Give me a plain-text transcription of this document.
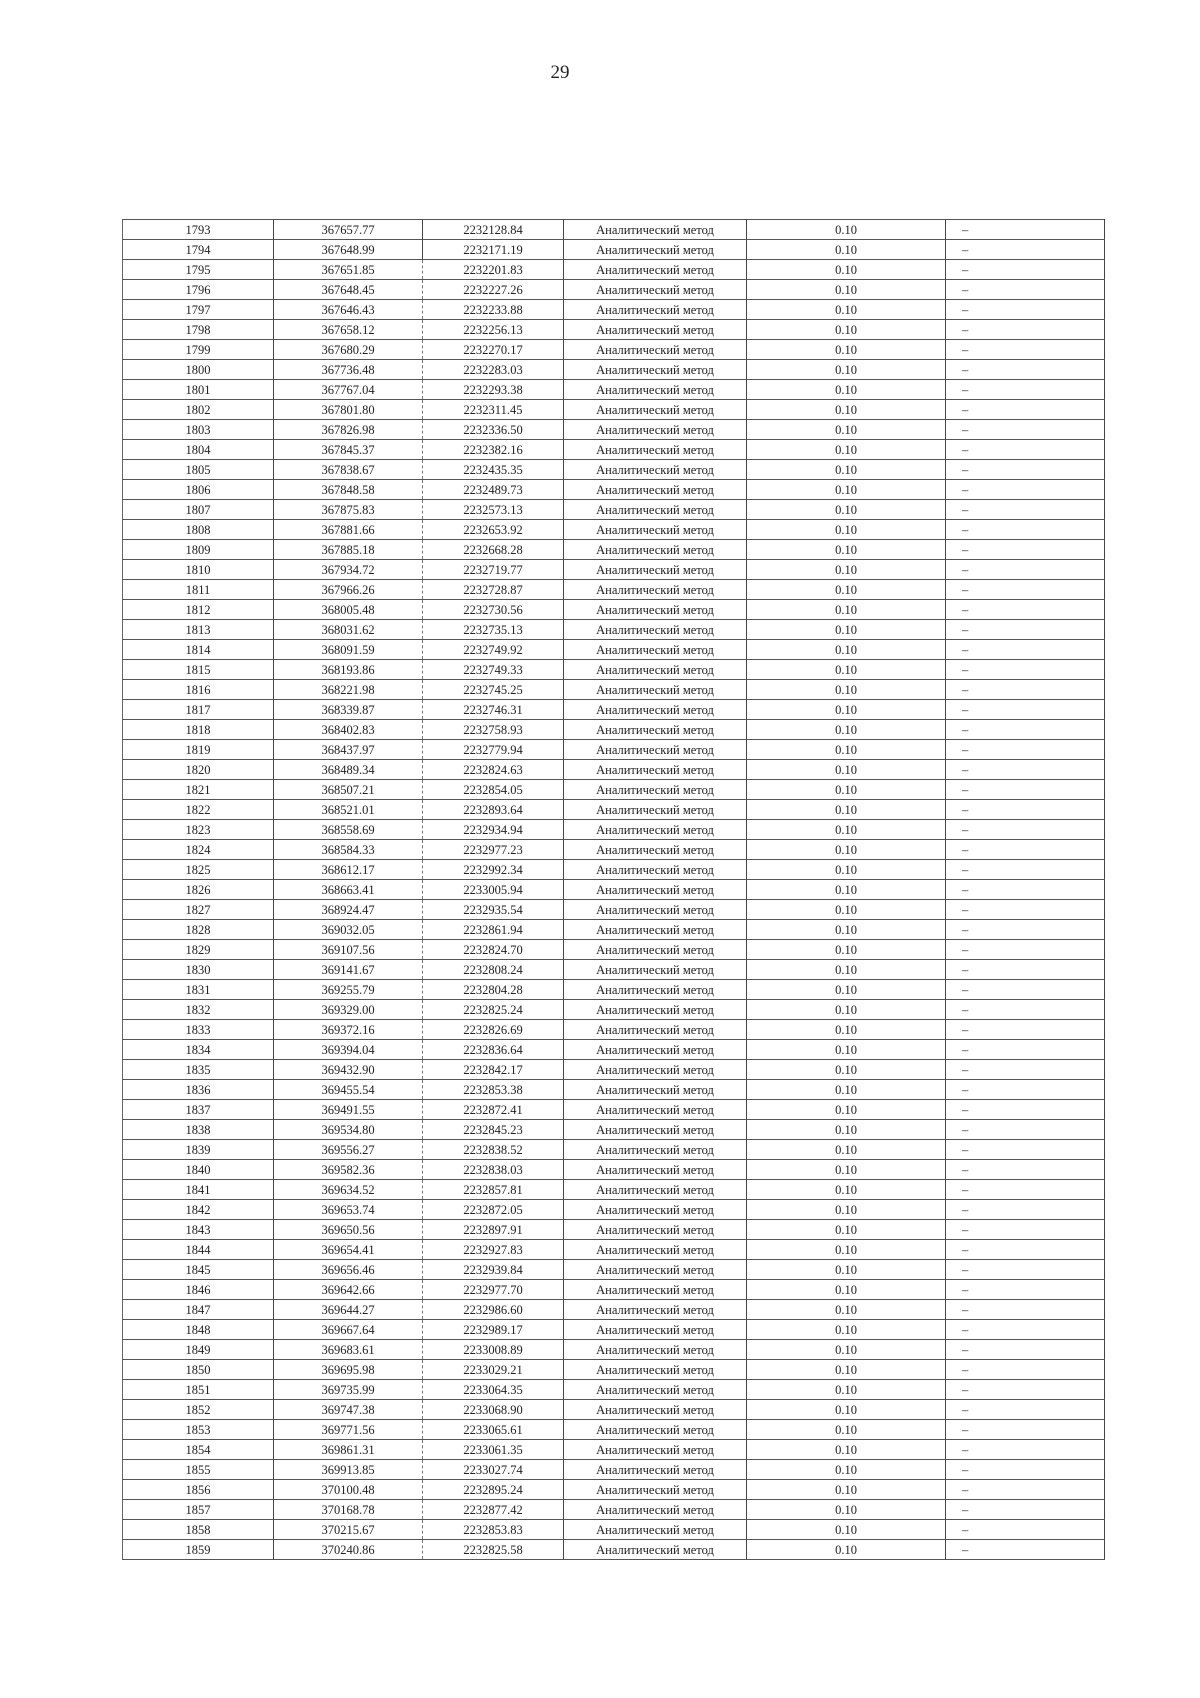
29
1793	367657.77	2232128.84	Аналитический метод	0.10	–
1794	367648.99	2232171.19	Аналитический метод	0.10	–
1795	367651.85	2232201.83	Аналитический метод	0.10	–
1796	367648.45	2232227.26	Аналитический метод	0.10	–
1797	367646.43	2232233.88	Аналитический метод	0.10	–
1798	367658.12	2232256.13	Аналитический метод	0.10	–
1799	367680.29	2232270.17	Аналитический метод	0.10	–
1800	367736.48	2232283.03	Аналитический метод	0.10	–
1801	367767.04	2232293.38	Аналитический метод	0.10	–
1802	367801.80	2232311.45	Аналитический метод	0.10	–
1803	367826.98	2232336.50	Аналитический метод	0.10	–
1804	367845.37	2232382.16	Аналитический метод	0.10	–
1805	367838.67	2232435.35	Аналитический метод	0.10	–
1806	367848.58	2232489.73	Аналитический метод	0.10	–
1807	367875.83	2232573.13	Аналитический метод	0.10	–
1808	367881.66	2232653.92	Аналитический метод	0.10	–
1809	367885.18	2232668.28	Аналитический метод	0.10	–
1810	367934.72	2232719.77	Аналитический метод	0.10	–
1811	367966.26	2232728.87	Аналитический метод	0.10	–
1812	368005.48	2232730.56	Аналитический метод	0.10	–
1813	368031.62	2232735.13	Аналитический метод	0.10	–
1814	368091.59	2232749.92	Аналитический метод	0.10	–
1815	368193.86	2232749.33	Аналитический метод	0.10	–
1816	368221.98	2232745.25	Аналитический метод	0.10	–
1817	368339.87	2232746.31	Аналитический метод	0.10	–
1818	368402.83	2232758.93	Аналитический метод	0.10	–
1819	368437.97	2232779.94	Аналитический метод	0.10	–
1820	368489.34	2232824.63	Аналитический метод	0.10	–
1821	368507.21	2232854.05	Аналитический метод	0.10	–
1822	368521.01	2232893.64	Аналитический метод	0.10	–
1823	368558.69	2232934.94	Аналитический метод	0.10	–
1824	368584.33	2232977.23	Аналитический метод	0.10	–
1825	368612.17	2232992.34	Аналитический метод	0.10	–
1826	368663.41	2233005.94	Аналитический метод	0.10	–
1827	368924.47	2232935.54	Аналитический метод	0.10	–
1828	369032.05	2232861.94	Аналитический метод	0.10	–
1829	369107.56	2232824.70	Аналитический метод	0.10	–
1830	369141.67	2232808.24	Аналитический метод	0.10	–
1831	369255.79	2232804.28	Аналитический метод	0.10	–
1832	369329.00	2232825.24	Аналитический метод	0.10	–
1833	369372.16	2232826.69	Аналитический метод	0.10	–
1834	369394.04	2232836.64	Аналитический метод	0.10	–
1835	369432.90	2232842.17	Аналитический метод	0.10	–
1836	369455.54	2232853.38	Аналитический метод	0.10	–
1837	369491.55	2232872.41	Аналитический метод	0.10	–
1838	369534.80	2232845.23	Аналитический метод	0.10	–
1839	369556.27	2232838.52	Аналитический метод	0.10	–
1840	369582.36	2232838.03	Аналитический метод	0.10	–
1841	369634.52	2232857.81	Аналитический метод	0.10	–
1842	369653.74	2232872.05	Аналитический метод	0.10	–
1843	369650.56	2232897.91	Аналитический метод	0.10	–
1844	369654.41	2232927.83	Аналитический метод	0.10	–
1845	369656.46	2232939.84	Аналитический метод	0.10	–
1846	369642.66	2232977.70	Аналитический метод	0.10	–
1847	369644.27	2232986.60	Аналитический метод	0.10	–
1848	369667.64	2232989.17	Аналитический метод	0.10	–
1849	369683.61	2233008.89	Аналитический метод	0.10	–
1850	369695.98	2233029.21	Аналитический метод	0.10	–
1851	369735.99	2233064.35	Аналитический метод	0.10	–
1852	369747.38	2233068.90	Аналитический метод	0.10	–
1853	369771.56	2233065.61	Аналитический метод	0.10	–
1854	369861.31	2233061.35	Аналитический метод	0.10	–
1855	369913.85	2233027.74	Аналитический метод	0.10	–
1856	370100.48	2232895.24	Аналитический метод	0.10	–
1857	370168.78	2232877.42	Аналитический метод	0.10	–
1858	370215.67	2232853.83	Аналитический метод	0.10	–
1859	370240.86	2232825.58	Аналитический метод	0.10	–
